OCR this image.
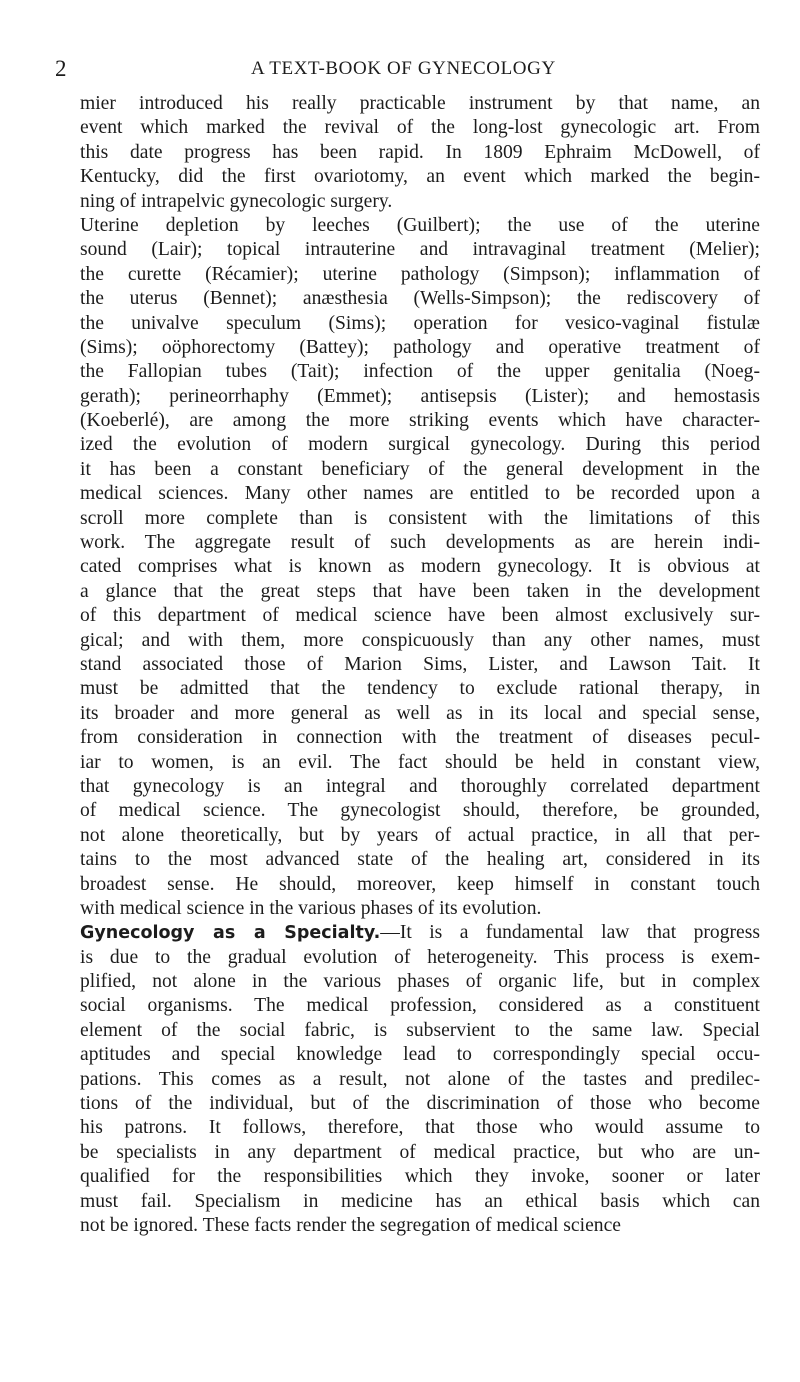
2	A TEXT-BOOK OF GYNECOLOGY
mier introduced his really practicable instrument by that name, an
event which marked the revival of the long-lost gynecologic art. From
this date progress has been rapid. In 1809 Ephraim McDowell, of
Kentucky, did the first ovariotomy, an event which marked the begin-
ning of intrapelvic gynecologic surgery.
Uterine depletion by leeches (Guilbert); the use of the uterine
sound (Lair); topical intrauterine and intravaginal treatment (Melier);
the curette (Récamier); uterine pathology (Simpson); inflammation of
the uterus (Bennet); anæsthesia (Wells-Simpson); the rediscovery of
the univalve speculum (Sims); operation for vesico-vaginal fistulæ
(Sims); oöphorectomy (Battey); pathology and operative treatment of
the Fallopian tubes (Tait); infection of the upper genitalia (Noeg-
gerath); perineorrhaphy (Emmet); antisepsis (Lister); and hemostasis
(Koeberlé), are among the more striking events which have character-
ized the evolution of modern surgical gynecology. During this period
it has been a constant beneficiary of the general development in the
medical sciences. Many other names are entitled to be recorded upon a
scroll more complete than is consistent with the limitations of this
work. The aggregate result of such developments as are herein indi-
cated comprises what is known as modern gynecology. It is obvious at
a glance that the great steps that have been taken in the development
of this department of medical science have been almost exclusively sur-
gical; and with them, more conspicuously than any other names, must
stand associated those of Marion Sims, Lister, and Lawson Tait. It
must be admitted that the tendency to exclude rational therapy, in
its broader and more general as well as in its local and special sense,
from consideration in connection with the treatment of diseases pecul-
iar to women, is an evil. The fact should be held in constant view,
that gynecology is an integral and thoroughly correlated department
of medical science. The gynecologist should, therefore, be grounded,
not alone theoretically, but by years of actual practice, in all that per-
tains to the most advanced state of the healing art, considered in its
broadest sense. He should, moreover, keep himself in constant touch
with medical science in the various phases of its evolution.
Gynecology as a Specialty.—It is a fundamental law that progress
is due to the gradual evolution of heterogeneity. This process is exem-
plified, not alone in the various phases of organic life, but in complex
social organisms. The medical profession, considered as a constituent
element of the social fabric, is subservient to the same law. Special
aptitudes and special knowledge lead to correspondingly special occu-
pations. This comes as a result, not alone of the tastes and predilec-
tions of the individual, but of the discrimination of those who become
his patrons. It follows, therefore, that those who would assume to
be specialists in any department of medical practice, but who are un-
qualified for the responsibilities which they invoke, sooner or later
must fail. Specialism in medicine has an ethical basis which can
not be ignored. These facts render the segregation of medical science
